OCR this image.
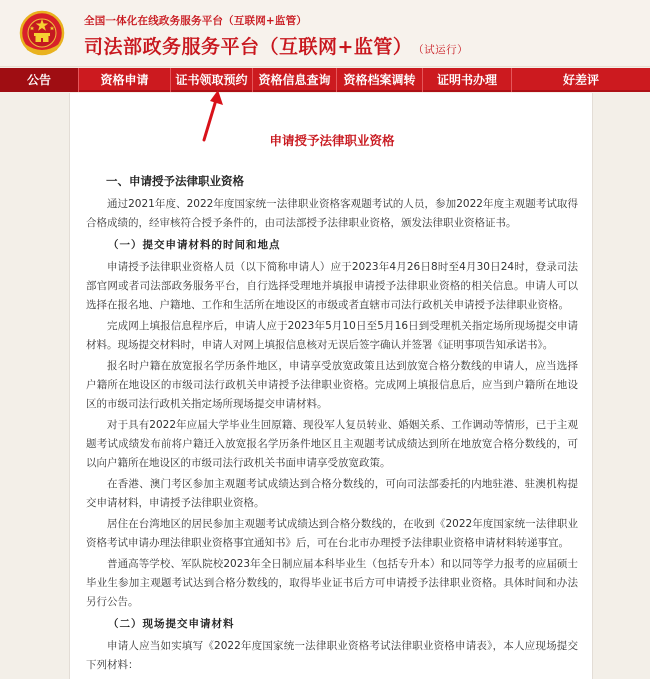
全国一体化在线政务服务平台（互联网+监管）
司法部政务服务平台（互联网+监管） （试运行）
公告	资格申请	证书领取预约 资格信息查询	资格档案调转	证明书办理	好差评
申请授予法律职业资格
一、申请授予法律职业资格

通过2021年度、2022年度国家统一法律职业资格客观题考试的人员，参加2022年度主观题考试取得合格成绩的，经审核符合授予条件的，由司法部授予法律职业资格，颁发法律职业资格证书。

（一）提交申请材料的时间和地点

申请授予法律职业资格人员（以下简称申请人）应于2023年4月26日8时至4月30日24时，登录司法部官网或者司法部政务服务平台，自行选择受理地并填报申请授予法律职业资格的相关信息。申请人可以选择在报名地、户籍地、工作和生活所在地设区的市级或者直辖市司法行政机关申请授予法律职业资格。

完成网上填报信息程序后，申请人应于2023年5月10日至5月16日到受理机关指定场所现场提交申请材料。现场提交材料时，申请人对网上填报信息核对无误后签字确认并签署《证明事项告知承诺书》。

报名时户籍在放宽报名学历条件地区，申请享受放宽政策且达到放宽合格分数线的申请人，应当选择户籍所在地设区的市级司法行政机关申请授予法律职业资格。完成网上填报信息后，应当到户籍所在地设区的市级司法行政机关指定场所现场提交申请材料。

对于具有2022年应届大学毕业生回原籍、现役军人复员转业、婚姻关系、工作调动等情形，已于主观题考试成绩发布前将户籍迁入放宽报名学历条件地区且主观题考试成绩达到所在地放宽合格分数线的，可以向户籍所在地设区的市级司法行政机关书面申请享受放宽政策。

在香港、澳门考区参加主观题考试成绩达到合格分数线的，可向司法部委托的内地驻港、驻澳机构提交申请材料，申请授予法律职业资格。

居住在台湾地区的居民参加主观题考试成绩达到合格分数线的，在收到《2022年度国家统一法律职业资格考试申请办理法律职业资格事宜通知书》后，可在台北市办理授予法律职业资格申请材料转递事宜。

普通高等学校、军队院校2023年全日制应届本科毕业生（包括专升本）和以同等学力报考的应届硕士毕业生参加主观题考试达到合格分数线的，取得毕业证书后方可申请授予法律职业资格。具体时间和办法另行公告。

（二）现场提交申请材料

申请人应当如实填写《2022年度国家统一法律职业资格考试法律职业资格申请表》，本人应现场提交下列材料：
